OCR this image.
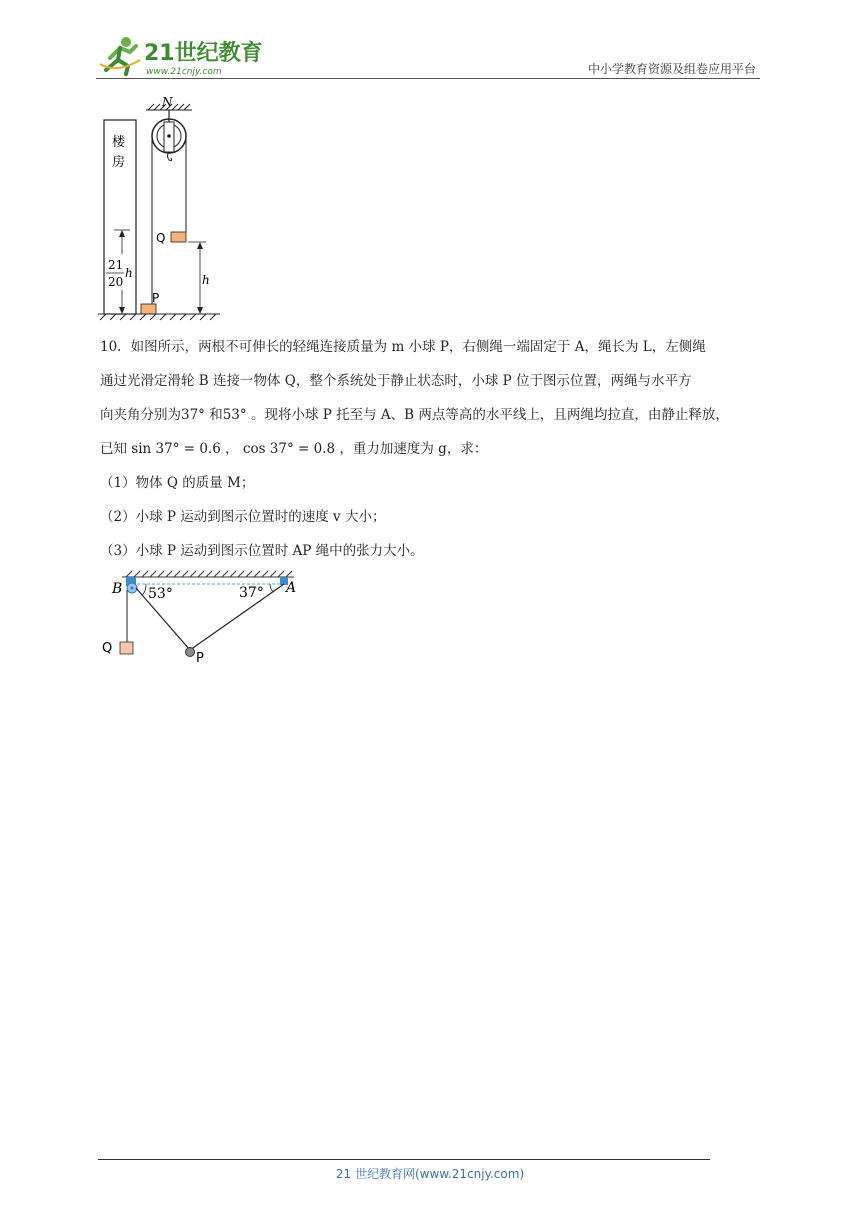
21世纪教育
www.21cnjy.com	中小学教育资源及组卷应用平台
N
楼
房
Q
P
h
21
20
h

10．如图所示，两根不可伸长的轻绳连接质量为 m 小球 P，右侧绳一端固定于 A，绳长为 L，左侧绳

通过光滑定滑轮 B 连接一物体 Q，整个系统处于静止状态时，小球 P 位于图示位置，两绳与水平方

向夹角分别为37° 和53° 。现将小球 P 托至与 A、B 两点等高的水平线上，且两绳均拉直，由静止释放，

已知 sin 37° = 0.6 ， cos 37° = 0.8 ，重力加速度为 g，求：

（1）物体 Q 的质量 M；

（2）小球 P 运动到图示位置时的速度 v 大小；

（3）小球 P 运动到图示位置时 AP 绳中的张力大小。

B	A
53°	37°
Q
P
21 世纪教育网(www.21cnjy.com)
